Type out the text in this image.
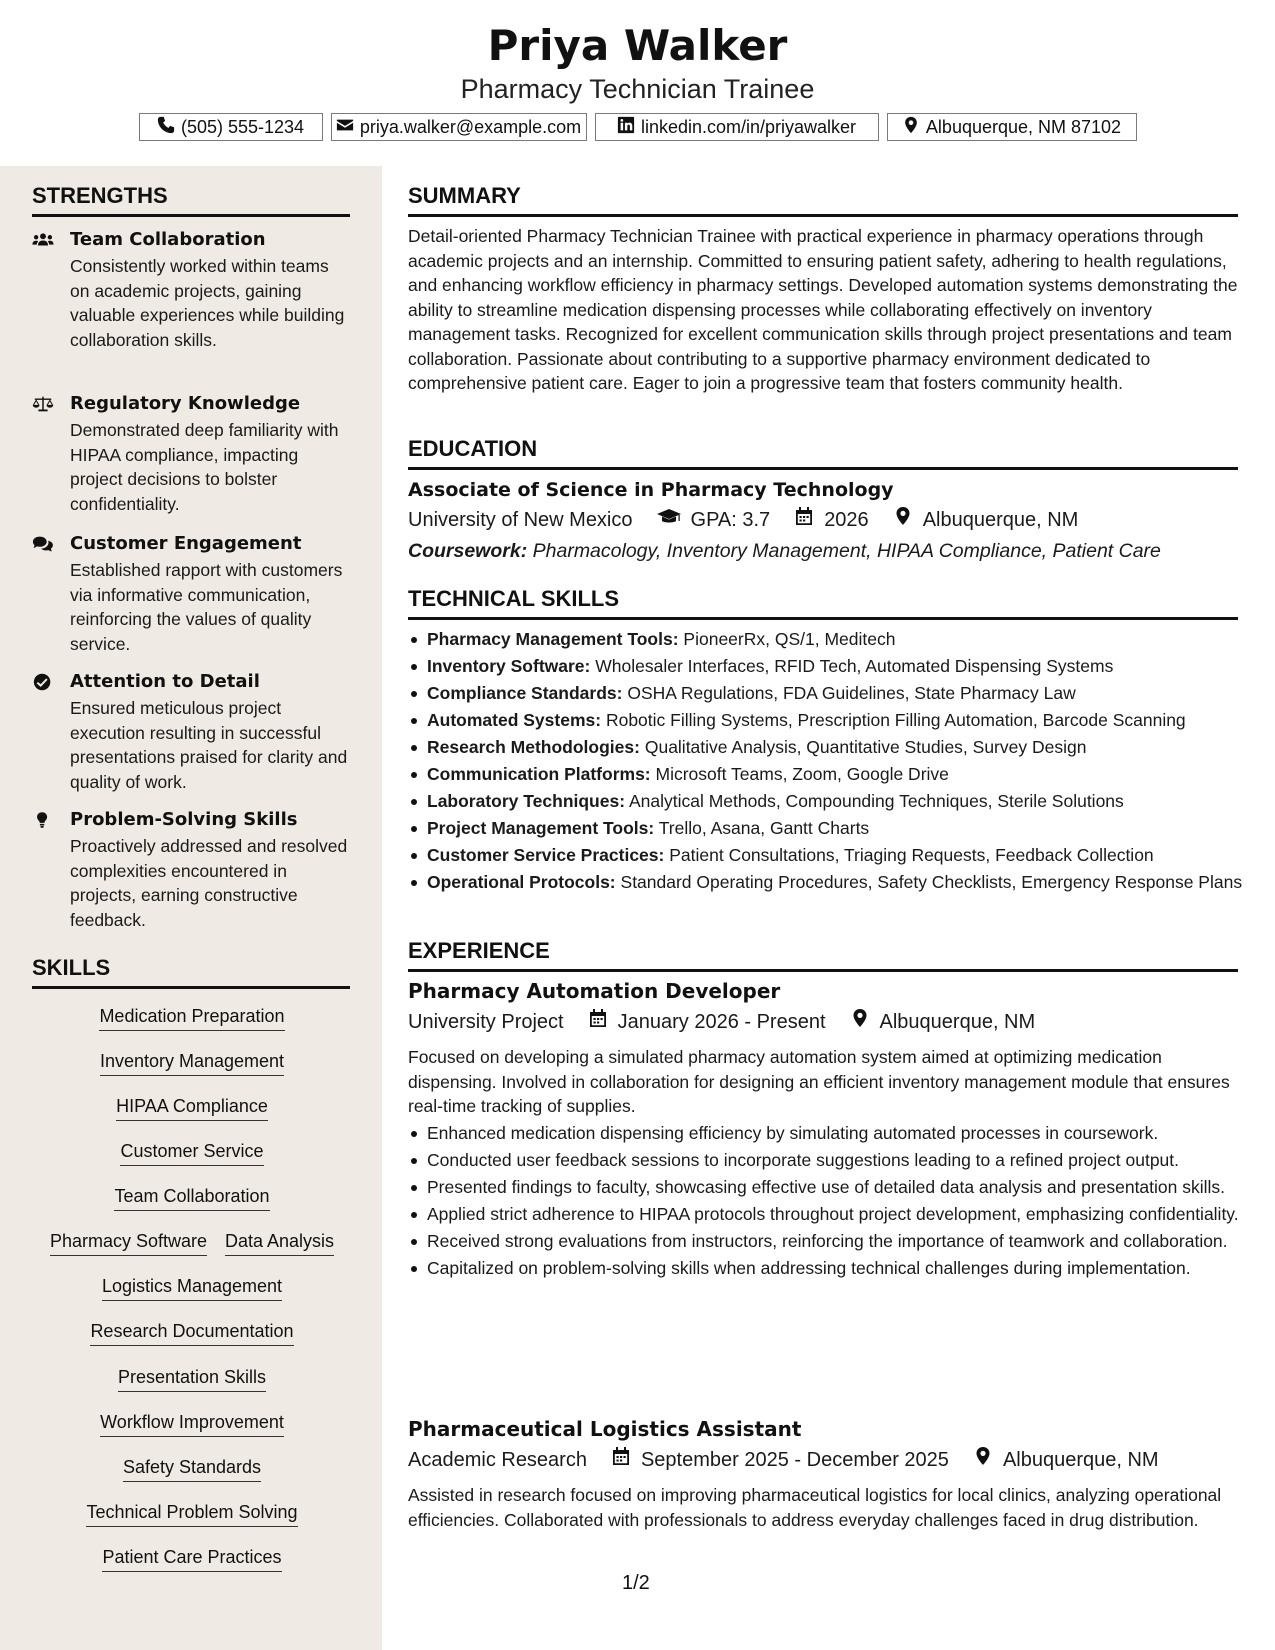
Priya Walker
Pharmacy Technician Trainee
(505) 555-1234	priya.walker@example.com	linkedin.com/in/priyawalker	Albuquerque, NM 87102
STRENGTHS
Team Collaboration
Consistently worked within teams on academic projects, gaining valuable experiences while building collaboration skills.
Regulatory Knowledge
Demonstrated deep familiarity with HIPAA compliance, impacting project decisions to bolster confidentiality.
Customer Engagement
Established rapport with customers via informative communication, reinforcing the values of quality service.
Attention to Detail
Ensured meticulous project execution resulting in successful presentations praised for clarity and quality of work.
Problem-Solving Skills
Proactively addressed and resolved complexities encountered in projects, earning constructive feedback.
SKILLS
Medication Preparation
Inventory Management
HIPAA Compliance
Customer Service
Team Collaboration
Pharmacy Software Data Analysis
Logistics Management
Research Documentation
Presentation Skills
Workflow Improvement
Safety Standards
Technical Problem Solving
Patient Care Practices
SUMMARY
Detail-oriented Pharmacy Technician Trainee with practical experience in pharmacy operations through academic projects and an internship. Committed to ensuring patient safety, adhering to health regulations, and enhancing workflow efficiency in pharmacy settings. Developed automation systems demonstrating the ability to streamline medication dispensing processes while collaborating effectively on inventory management tasks. Recognized for excellent communication skills through project presentations and team collaboration. Passionate about contributing to a supportive pharmacy environment dedicated to comprehensive patient care. Eager to join a progressive team that fosters community health.
EDUCATION
Associate of Science in Pharmacy Technology
University of New Mexico	GPA: 3.7	2026	Albuquerque, NM
Coursework: Pharmacology, Inventory Management, HIPAA Compliance, Patient Care
TECHNICAL SKILLS
Pharmacy Management Tools: PioneerRx, QS/1, Meditech
Inventory Software: Wholesaler Interfaces, RFID Tech, Automated Dispensing Systems
Compliance Standards: OSHA Regulations, FDA Guidelines, State Pharmacy Law
Automated Systems: Robotic Filling Systems, Prescription Filling Automation, Barcode Scanning
Research Methodologies: Qualitative Analysis, Quantitative Studies, Survey Design
Communication Platforms: Microsoft Teams, Zoom, Google Drive
Laboratory Techniques: Analytical Methods, Compounding Techniques, Sterile Solutions
Project Management Tools: Trello, Asana, Gantt Charts
Customer Service Practices: Patient Consultations, Triaging Requests, Feedback Collection
Operational Protocols: Standard Operating Procedures, Safety Checklists, Emergency Response Plans
EXPERIENCE
Pharmacy Automation Developer
University Project	January 2026 - Present	Albuquerque, NM
Focused on developing a simulated pharmacy automation system aimed at optimizing medication dispensing. Involved in collaboration for designing an efficient inventory management module that ensures real-time tracking of supplies.
Enhanced medication dispensing efficiency by simulating automated processes in coursework.
Conducted user feedback sessions to incorporate suggestions leading to a refined project output.
Presented findings to faculty, showcasing effective use of detailed data analysis and presentation skills.
Applied strict adherence to HIPAA protocols throughout project development, emphasizing confidentiality.
Received strong evaluations from instructors, reinforcing the importance of teamwork and collaboration.
Capitalized on problem-solving skills when addressing technical challenges during implementation.
Pharmaceutical Logistics Assistant
Academic Research	September 2025 - December 2025	Albuquerque, NM
Assisted in research focused on improving pharmaceutical logistics for local clinics, analyzing operational efficiencies. Collaborated with professionals to address everyday challenges faced in drug distribution.
1/2
